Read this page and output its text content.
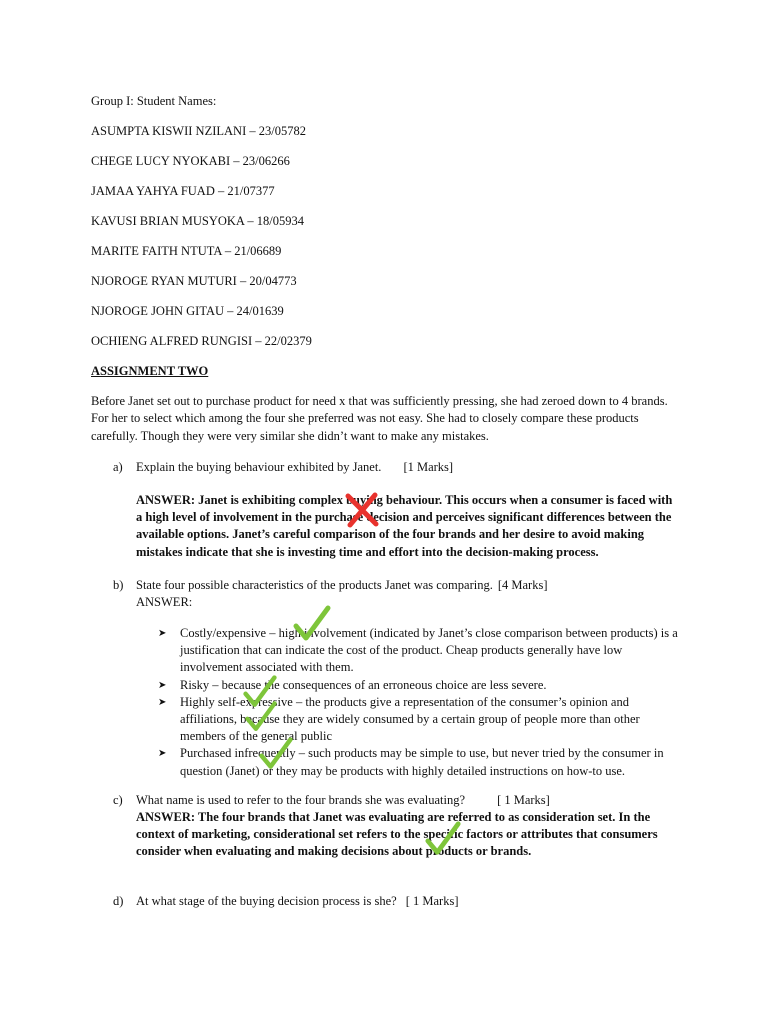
Group I: Student Names:
ASUMPTA KISWII NZILANI – 23/05782
CHEGE LUCY NYOKABI – 23/06266
JAMAA YAHYA FUAD – 21/07377
KAVUSI BRIAN MUSYOKA – 18/05934
MARITE FAITH NTUTA – 21/06689
NJOROGE RYAN MUTURI – 20/04773
NJOROGE JOHN GITAU – 24/01639
OCHIENG ALFRED RUNGISI – 22/02379
ASSIGNMENT TWO
Before Janet set out to purchase product for need x that was sufficiently pressing, she had zeroed down to 4 brands. For her to select which among the four she preferred was not easy. She had to closely compare these products carefully. Though they were very similar she didn’t want to make any mistakes.
a) Explain the buying behaviour exhibited by Janet. [1 Marks]
ANSWER: Janet is exhibiting complex buying behaviour. This occurs when a consumer is faced with a high level of involvement in the purchase decision and perceives significant differences between the available options. Janet’s careful comparison of the four brands and her desire to avoid making mistakes indicate that she is investing time and effort into the decision-making process.
b) State four possible characteristics of the products Janet was comparing. [4 Marks]
ANSWER:
➤ Costly/expensive – high involvement (indicated by Janet’s close comparison between products) is a justification that can indicate the cost of the product. Cheap products generally have low involvement associated with them.
➤ Risky – because the consequences of an erroneous choice are less severe.
➤ Highly self-expressive – the products give a representation of the consumer’s opinion and affiliations, because they are widely consumed by a certain group of people more than other members of the general public
➤ Purchased infrequently – such products may be simple to use, but never tried by the consumer in question (Janet) or they may be products with highly detailed instructions on how-to use.
c) What name is used to refer to the four brands she was evaluating?	[ 1 Marks]
ANSWER: The four brands that Janet was evaluating are referred to as consideration set. In the context of marketing, considerational set refers to the specific factors or attributes that consumers consider when evaluating and making decisions about products or brands.
d) At what stage of the buying decision process is she? [ 1 Marks]
